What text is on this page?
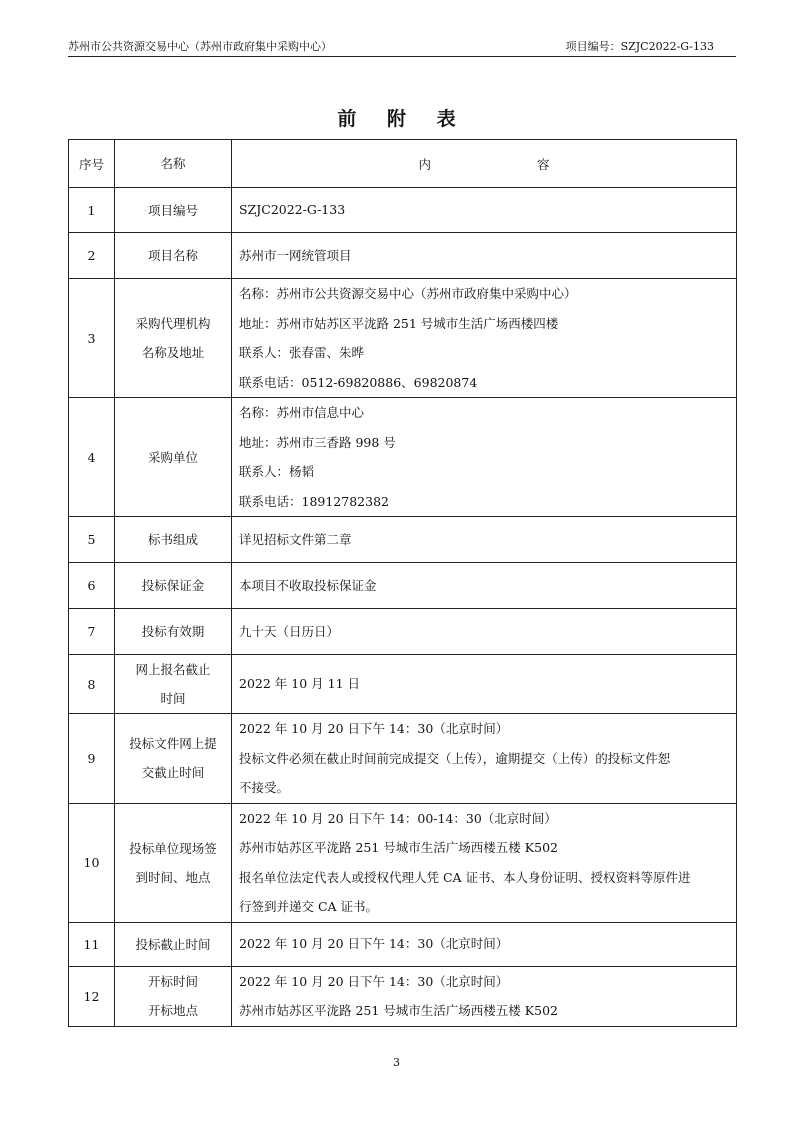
苏州市公共资源交易中心（苏州市政府集中采购中心）	项目编号：SZJC2022-G-133
前 附 表
序号	名称	内 容
1	项目编号	SZJC2022-G-133

2	项目名称	苏州市一网统管项目

3	采购代理机构
名称及地址	名称：苏州市公共资源交易中心（苏州市政府集中采购中心）
地址：苏州市姑苏区平泷路 251 号城市生活广场西楼四楼
联系人：张春雷、朱晔
联系电话：0512-69820886、69820874

4	采购单位	名称：苏州市信息中心
地址：苏州市三香路 998 号
联系人：杨韬
联系电话：18912782382

5	标书组成	详见招标文件第二章

6	投标保证金	本项目不收取投标保证金

7	投标有效期	九十天（日历日）

8	网上报名截止
时间	2022 年 10 月 11 日

9	投标文件网上提
交截止时间	2022 年 10 月 20 日下午 14：30（北京时间）
投标文件必须在截止时间前完成提交（上传），逾期提交（上传）的投标文件恕
不接受。

10	投标单位现场签
到时间、地点	2022 年 10 月 20 日下午 14：00-14：30（北京时间）
苏州市姑苏区平泷路 251 号城市生活广场西楼五楼 K502
报名单位法定代表人或授权代理人凭 CA 证书、本人身份证明、授权资料等原件进
行签到并递交 CA 证书。

11	投标截止时间	2022 年 10 月 20 日下午 14：30（北京时间）

12	开标时间
开标地点	2022 年 10 月 20 日下午 14：30（北京时间）
苏州市姑苏区平泷路 251 号城市生活广场西楼五楼 K502
3
